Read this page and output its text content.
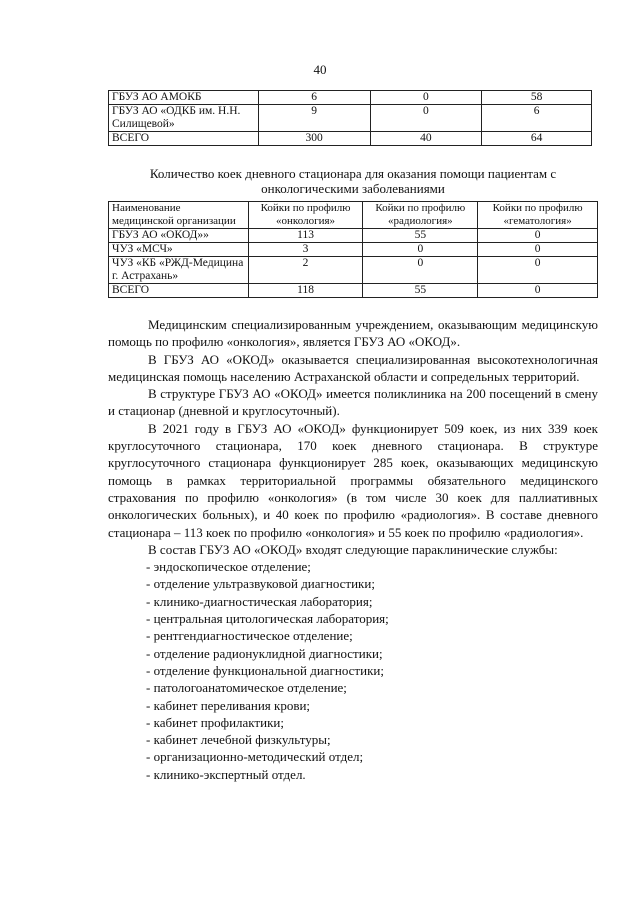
40
ГБУЗ АО АМОКБ	6	0	58
ГБУЗ АО «ОДКБ им. Н.Н. Силищевой»	9	0	6
ВСЕГО	300	40	64
Количество коек дневного стационара для оказания помощи пациентам с онкологическими заболеваниями
Наименование медицинской организации	Койки по профилю «онкология»	Койки по профилю «радиология»	Койки по профилю «гематология»
ГБУЗ АО «ОКОД»»	113	55	0
ЧУЗ «МСЧ»	3	0	0
ЧУЗ «КБ «РЖД-Медицина г. Астрахань»	2	0	0
ВСЕГО	118	55	0

Медицинским специализированным учреждением, оказывающим медицинскую помощь по профилю «онкология», является ГБУЗ АО «ОКОД».

В ГБУЗ АО «ОКОД» оказывается специализированная высокотехнологичная медицинская помощь населению Астраханской области и сопредельных территорий.

В структуре ГБУЗ АО «ОКОД» имеется поликлиника на 200 посещений в смену и стационар (дневной и круглосуточный).

В 2021 году в ГБУЗ АО «ОКОД» функционирует 509 коек, из них 339 коек круглосуточного стационара, 170 коек дневного стационара. В структуре круглосуточного стационара функционирует 285 коек, оказывающих медицинскую помощь в рамках территориальной программы обязательного медицинского страхования по профилю «онкология» (в том числе 30 коек для паллиативных онкологических больных), и 40 коек по профилю «радиология». В составе дневного стационара – 113 коек по профилю «онкология» и 55 коек по профилю «радиология».

В состав ГБУЗ АО «ОКОД» входят следующие параклинические службы:

- эндоскопическое отделение;
- отделение ультразвуковой диагностики;
- клинико-диагностическая лаборатория;
- центральная цитологическая лаборатория;
- рентгендиагностическое отделение;
- отделение радионуклидной диагностики;
- отделение функциональной диагностики;
- патологоанатомическое отделение;
- кабинет переливания крови;
- кабинет профилактики;
- кабинет лечебной физкультуры;
- организационно-методический отдел;
- клинико-экспертный отдел.
